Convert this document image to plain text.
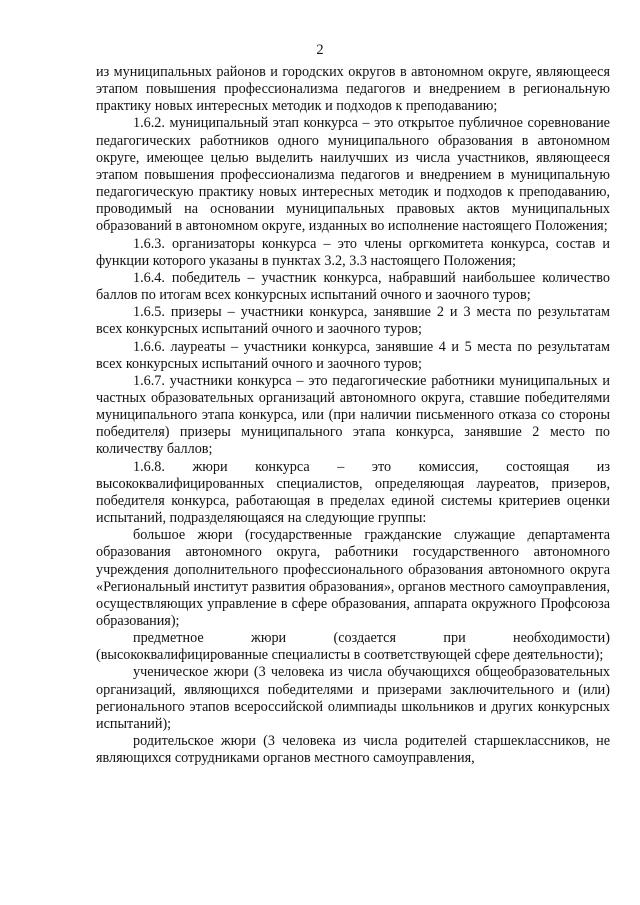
2

из муниципальных районов и городских округов в автономном округе, являющееся этапом повышения профессионализма педагогов и внедрением в региональную практику новых интересных методик и подходов к преподаванию;

1.6.2. муниципальный этап конкурса – это открытое публичное соревнование педагогических работников одного муниципального образования в автономном округе, имеющее целью выделить наилучших из числа участников, являющееся этапом повышения профессионализма педагогов и внедрением в муниципальную педагогическую практику новых интересных методик и подходов к преподаванию, проводимый на основании муниципальных правовых актов муниципальных образований в автономном округе, изданных во исполнение настоящего Положения;

1.6.3. организаторы конкурса – это члены оргкомитета конкурса, состав и функции которого указаны в пунктах 3.2, 3.3 настоящего Положения;

1.6.4. победитель – участник конкурса, набравший наибольшее количество баллов по итогам всех конкурсных испытаний очного и заочного туров;

1.6.5. призеры – участники конкурса, занявшие 2 и 3 места по результатам всех конкурсных испытаний очного и заочного туров;

1.6.6. лауреаты – участники конкурса, занявшие 4 и 5 места по результатам всех конкурсных испытаний очного и заочного туров;

1.6.7. участники конкурса – это педагогические работники муниципальных и частных образовательных организаций автономного округа, ставшие победителями муниципального этапа конкурса, или (при наличии письменного отказа со стороны победителя) призеры муниципального этапа конкурса, занявшие 2 место по количеству баллов;

1.6.8. жюри конкурса – это комиссия, состоящая из высококвалифицированных специалистов, определяющая лауреатов, призеров, победителя конкурса, работающая в пределах единой системы критериев оценки испытаний, подразделяющаяся на следующие группы:

большое жюри (государственные гражданские служащие департамента образования автономного округа, работники государственного автономного учреждения дополнительного профессионального образования автономного округа «Региональный институт развития образования», органов местного самоуправления, осуществляющих управление в сфере образования, аппарата окружного Профсоюза образования);

предметное жюри (создается при необходимости) (высококвалифицированные специалисты в соответствующей сфере деятельности);

ученическое жюри (3 человека из числа обучающихся общеобразовательных организаций, являющихся победителями и призерами заключительного и (или) регионального этапов всероссийской олимпиады школьников и других конкурсных испытаний);

родительское жюри (3 человека из числа родителей старшеклассников, не являющихся сотрудниками органов местного самоуправления,
